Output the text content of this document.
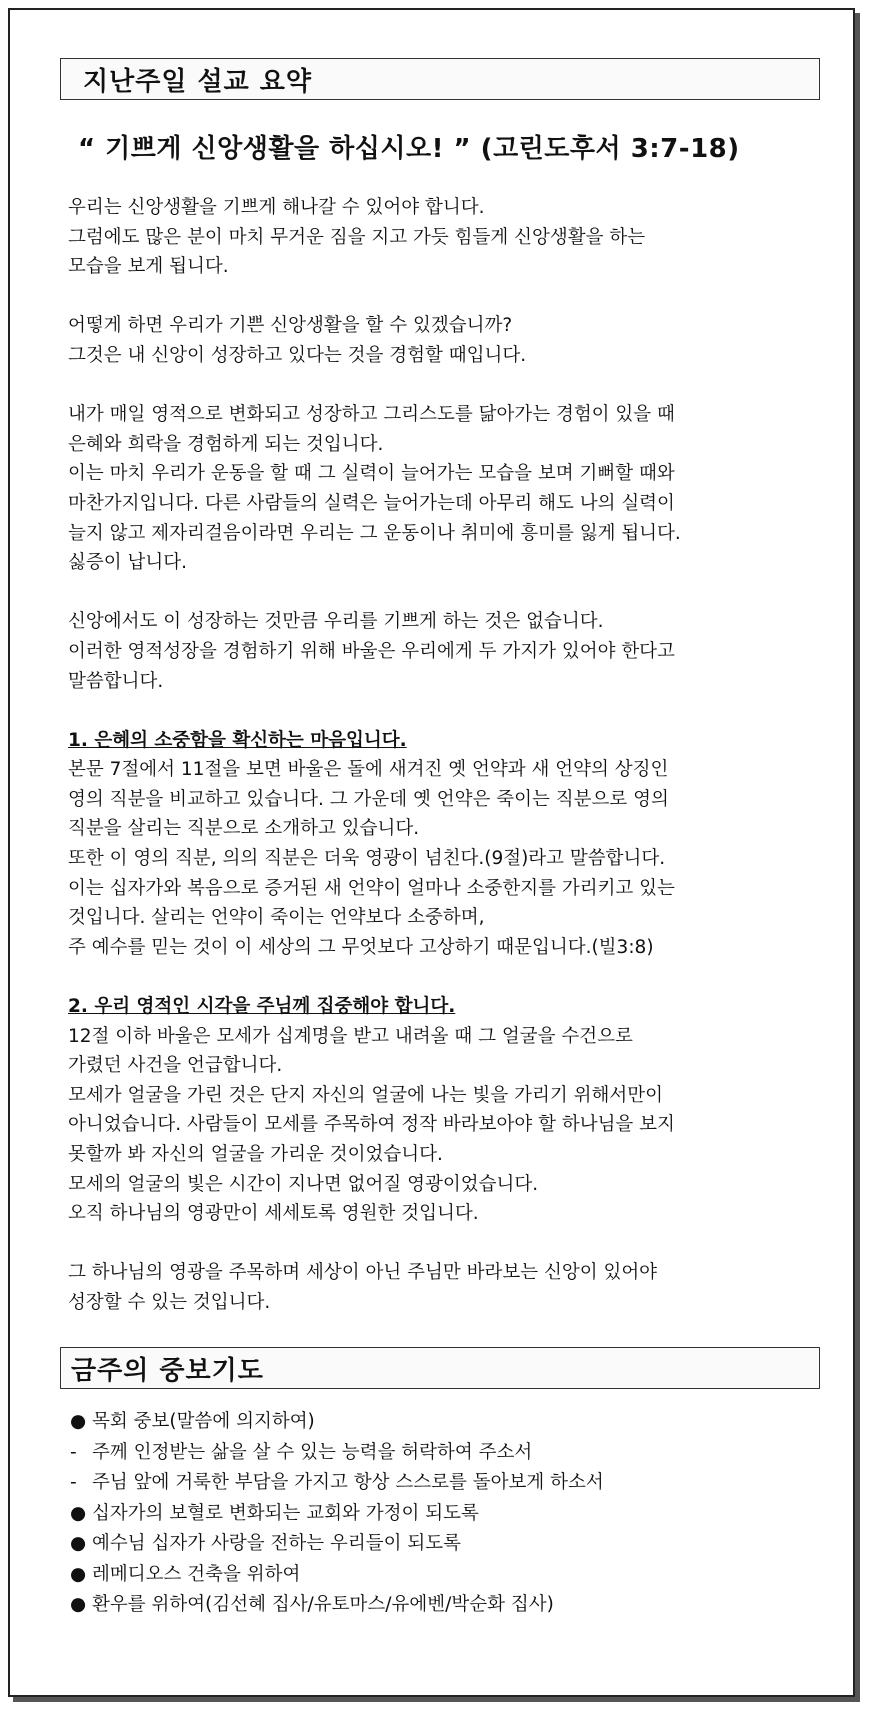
지난주일 설교 요약
“ 기쁘게 신앙생활을 하십시오! ” (고린도후서 3:7-18)
우리는 신앙생활을 기쁘게 해나갈 수 있어야 합니다.
그럼에도 많은 분이 마치 무거운 짐을 지고 가듯 힘들게 신앙생활을 하는
모습을 보게 됩니다.
어떻게 하면 우리가 기쁜 신앙생활을 할 수 있겠습니까?
그것은 내 신앙이 성장하고 있다는 것을 경험할 때입니다.
내가 매일 영적으로 변화되고 성장하고 그리스도를 닮아가는 경험이 있을 때
은혜와 희락을 경험하게 되는 것입니다.
이는 마치 우리가 운동을 할 때 그 실력이 늘어가는 모습을 보며 기뻐할 때와
마찬가지입니다. 다른 사람들의 실력은 늘어가는데 아무리 해도 나의 실력이
늘지 않고 제자리걸음이라면 우리는 그 운동이나 취미에 흥미를 잃게 됩니다.
싫증이 납니다.
신앙에서도 이 성장하는 것만큼 우리를 기쁘게 하는 것은 없습니다.
이러한 영적성장을 경험하기 위해 바울은 우리에게 두 가지가 있어야 한다고
말씀합니다.
1. 은혜의 소중함을 확신하는 마음입니다.
본문 7절에서 11절을 보면 바울은 돌에 새겨진 옛 언약과 새 언약의 상징인
영의 직분을 비교하고 있습니다. 그 가운데 옛 언약은 죽이는 직분으로 영의
직분을 살리는 직분으로 소개하고 있습니다.
또한 이 영의 직분, 의의 직분은 더욱 영광이 넘친다.(9절)라고 말씀합니다.
이는 십자가와 복음으로 증거된 새 언약이 얼마나 소중한지를 가리키고 있는
것입니다. 살리는 언약이 죽이는 언약보다 소중하며,
주 예수를 믿는 것이 이 세상의 그 무엇보다 고상하기 때문입니다.(빌3:8)
2. 우리 영적인 시각을 주님께 집중해야 합니다.
12절 이하 바울은 모세가 십계명을 받고 내려올 때 그 얼굴을 수건으로
가렸던 사건을 언급합니다.
모세가 얼굴을 가린 것은 단지 자신의 얼굴에 나는 빛을 가리기 위해서만이
아니었습니다. 사람들이 모세를 주목하여 정작 바라보아야 할 하나님을 보지
못할까 봐 자신의 얼굴을 가리운 것이었습니다.
모세의 얼굴의 빛은 시간이 지나면 없어질 영광이었습니다.
오직 하나님의 영광만이 세세토록 영원한 것입니다.
그 하나님의 영광을 주목하며 세상이 아닌 주님만 바라보는 신앙이 있어야
성장할 수 있는 것입니다.
금주의 중보기도
● 목회 중보(말씀에 의지하여)
- 주께 인정받는 삶을 살 수 있는 능력을 허락하여 주소서
- 주님 앞에 거룩한 부담을 가지고 항상 스스로를 돌아보게 하소서
● 십자가의 보혈로 변화되는 교회와 가정이 되도록
● 예수님 십자가 사랑을 전하는 우리들이 되도록
● 레메디오스 건축을 위하여
● 환우를 위하여(김선혜 집사/유토마스/유에벤/박순화 집사)
